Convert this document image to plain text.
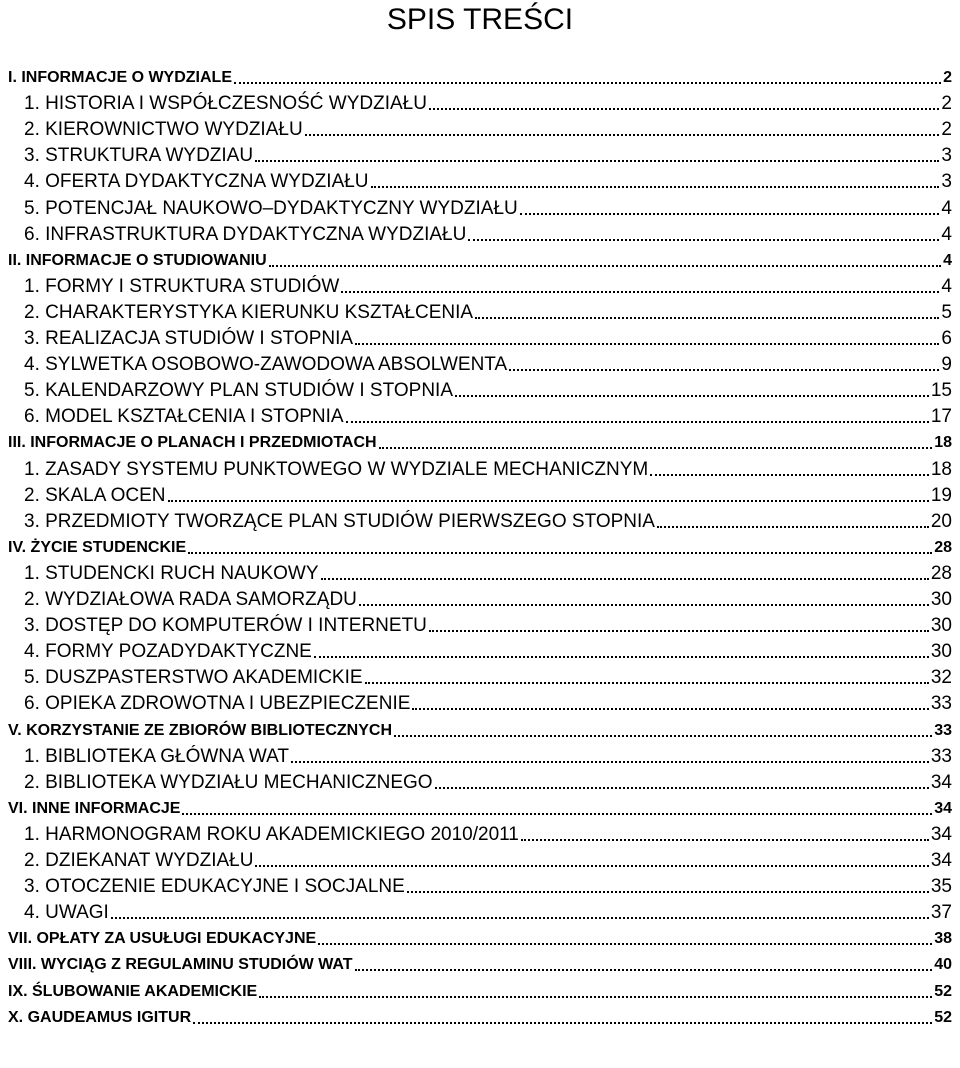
SPIS TREŚCI
I. INFORMACJE O WYDZIALE	2
1. HISTORIA I WSPÓŁCZESNOŚĆ WYDZIAŁU	2
2. KIEROWNICTWO WYDZIAŁU	2
3. STRUKTURA WYDZIAU	3
4. OFERTA DYDAKTYCZNA WYDZIAŁU	3
5. POTENCJAŁ NAUKOWO–DYDAKTYCZNY WYDZIAŁU	4
6. INFRASTRUKTURA DYDAKTYCZNA WYDZIAŁU	4
II. INFORMACJE O STUDIOWANIU	4
1. FORMY I STRUKTURA STUDIÓW	4
2. CHARAKTERYSTYKA KIERUNKU KSZTAŁCENIA	5
3. REALIZACJA STUDIÓW I STOPNIA	6
4. SYLWETKA OSOBOWO-ZAWODOWA ABSOLWENTA	9
5. KALENDARZOWY PLAN STUDIÓW I STOPNIA	15
6. MODEL KSZTAŁCENIA I STOPNIA	17
III. INFORMACJE O PLANACH I PRZEDMIOTACH	18
1. ZASADY SYSTEMU PUNKTOWEGO W WYDZIALE MECHANICZNYM	18
2. SKALA OCEN	19
3. PRZEDMIOTY TWORZĄCE PLAN STUDIÓW PIERWSZEGO STOPNIA	20
IV. ŻYCIE STUDENCKIE	28
1. STUDENCKI RUCH NAUKOWY	28
2. WYDZIAŁOWA RADA SAMORZĄDU	30
3. DOSTĘP DO KOMPUTERÓW I INTERNETU	30
4. FORMY POZADYDAKTYCZNE	30
5. DUSZPASTERSTWO AKADEMICKIE	32
6. OPIEKA ZDROWOTNA I UBEZPIECZENIE	33
V. KORZYSTANIE ZE ZBIORÓW BIBLIOTECZNYCH	33
1. BIBLIOTEKA GŁÓWNA WAT	33
2. BIBLIOTEKA WYDZIAŁU MECHANICZNEGO	34
VI. INNE INFORMACJE	34
1. HARMONOGRAM ROKU AKADEMICKIEGO 2010/2011	34
2. DZIEKANAT WYDZIAŁU	34
3. OTOCZENIE EDUKACYJNE I SOCJALNE	35
4. UWAGI	37
VII. OPŁATY ZA USUŁUGI EDUKACYJNE	38
VIII. WYCIĄG Z REGULAMINU STUDIÓW WAT	40
IX. ŚLUBOWANIE AKADEMICKIE	52
X. GAUDEAMUS IGITUR	52
